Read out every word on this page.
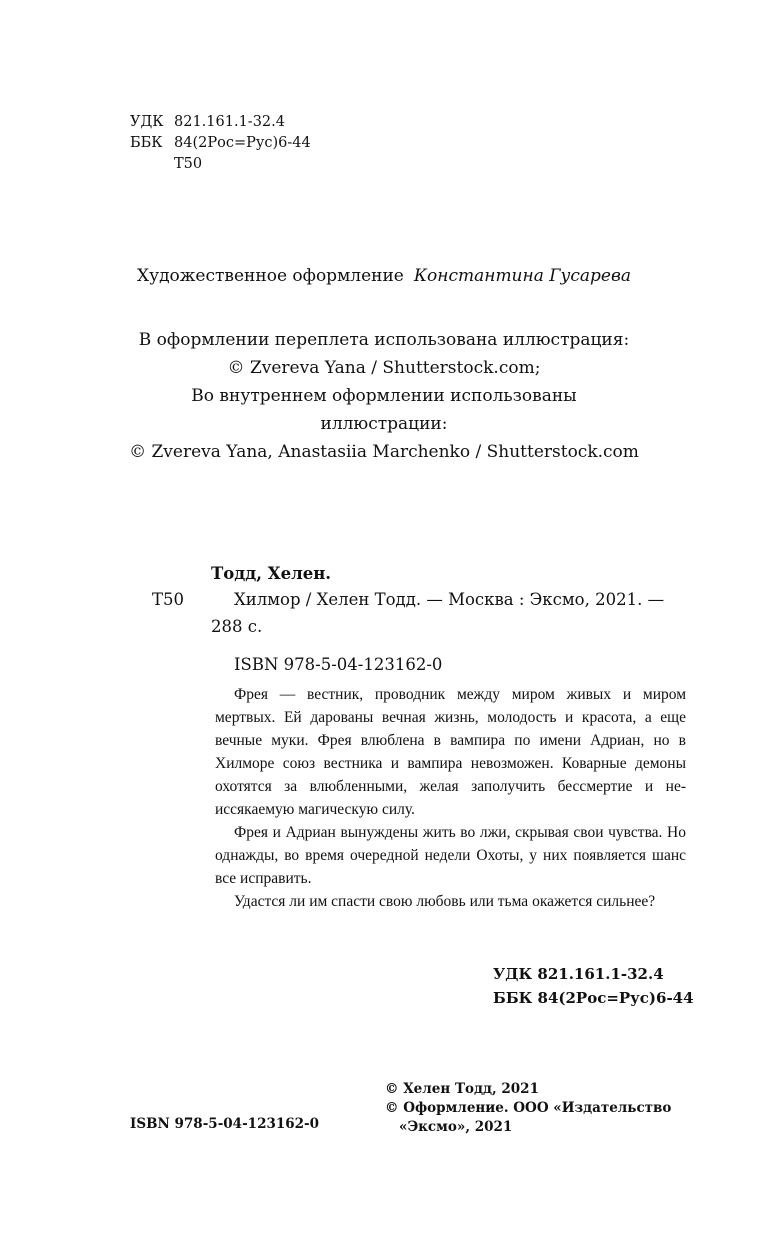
УДК 821.161.1-32.4
ББК 84(2Рос=Рус)6-44
Т50
Художественное оформление Константина Гусарева

В оформлении переплета использована иллюстрация:

© Zvereva Yana / Shutterstock.com;

Во внутреннем оформлении использованы

иллюстрации:

© Zvereva Yana, Anastasiia Marchenko / Shutterstock.com

Тодд, Хелен.
Т50	Хилмор / Хелен Тодд. — Москва : Эксмо, 2021. —
288 с.
ISBN 978-5-04-123162-0

Фрея — вестник, проводник между миром живых и миром мертвых. Ей дарованы вечная жизнь, молодость и красота, а еще вечные муки. Фрея влюблена в вампира по имени Адриан, но в Хилморе союз вестника и вампира невозможен. Коварные демоны охотятся за влюбленными, желая заполучить бессмертие и неиссякаемую магическую силу.

Фрея и Адриан вынуждены жить во лжи, скрывая свои чувства. Но однажды, во время очередной недели Охоты, у них появляется шанс все исправить.

Удастся ли им спасти свою любовь или тьма окажется сильнее?

УДК 821.161.1-32.4
ББК 84(2Рос=Рус)6-44
ISBN 978-5-04-123162-0
© Хелен Тодд, 2021
© Оформление. ООО «Издательство
«Эксмо», 2021
